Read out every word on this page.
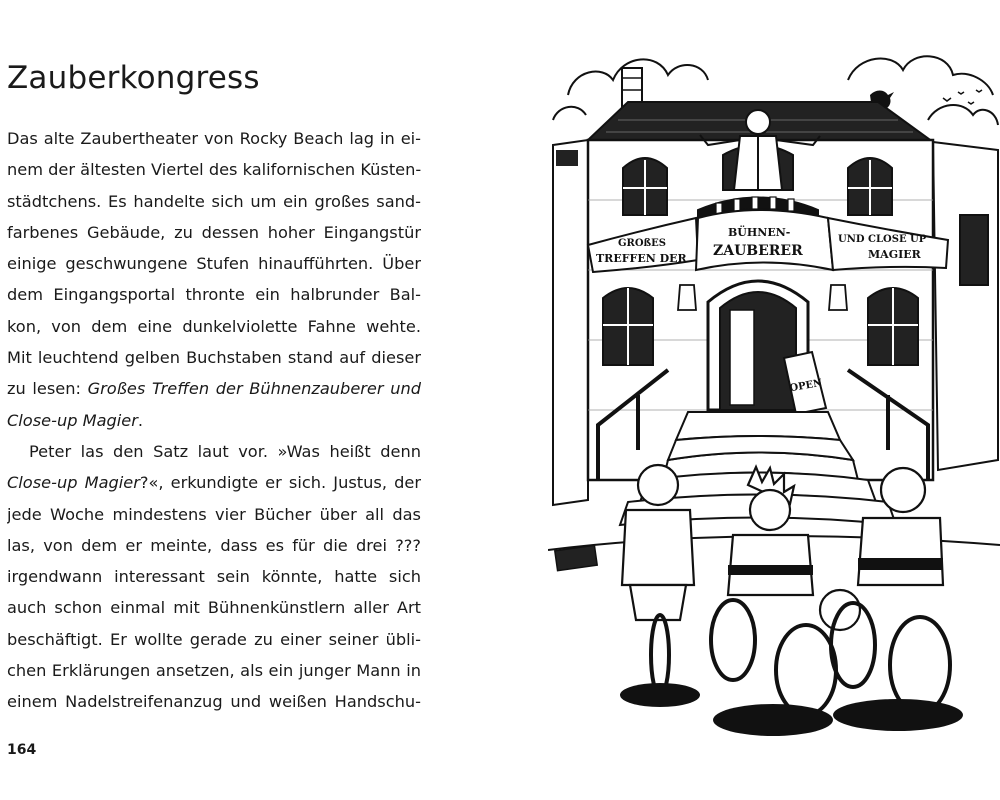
Zauberkongress
Das alte Zaubertheater von Rocky Beach lag in ei-
nem der ältesten Viertel des kalifornischen Küsten-
städtchens. Es handelte sich um ein großes sand-
farbenes Gebäude, zu dessen hoher Eingangstür
einige geschwungene Stufen hinaufführten. Über
dem Eingangsportal thronte ein halbrunder Bal-
kon, von dem eine dunkelviolette Fahne wehte.
Mit leuchtend gelben Buchstaben stand auf dieser
zu lesen: Großes Treffen der Bühnenzauberer und
Close-up Magier.
Peter las den Satz laut vor. »Was heißt denn
Close-up Magier?«, erkundigte er sich. Justus, der
jede Woche mindestens vier Bücher über all das
las, von dem er meinte, dass es für die drei ???
irgendwann interessant sein könnte, hatte sich
auch schon einmal mit Bühnenkünstlern aller Art
beschäftigt. Er wollte gerade zu einer seiner übli-
chen Erklärungen ansetzen, als ein junger Mann in
einem Nadelstreifenanzug und weißen Handschu-
164
GROßES
TREFFEN DER
BÜHNEN-
ZAUBERER
UND CLOSE UP
MAGIER
OPEN
